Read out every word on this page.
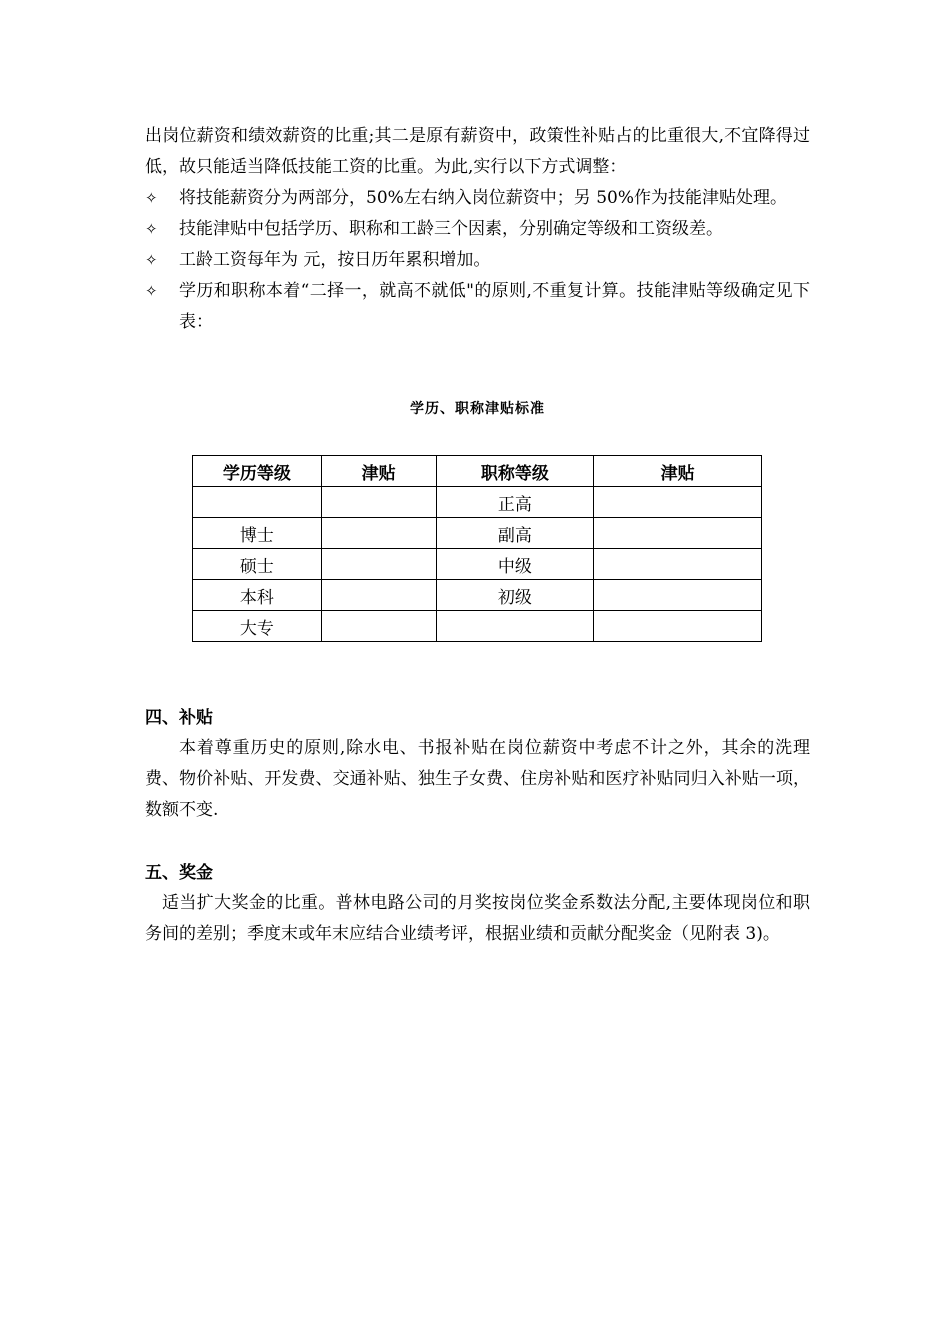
出岗位薪资和绩效薪资的比重;其二是原有薪资中，政策性补贴占的比重很大,不宜降得过低，故只能适当降低技能工资的比重。为此,实行以下方式调整：
✧	将技能薪资分为两部分，50%左右纳入岗位薪资中；另 50%作为技能津贴处理。
✧	技能津贴中包括学历、职称和工龄三个因素，分别确定等级和工资级差。
✧	工龄工资每年为 元，按日历年累积增加。
✧	学历和职称本着“二择一，就高不就低"的原则,不重复计算。技能津贴等级确定见下表：
学历、职称津贴标准
学历等级	津贴	职称等级	津贴
		正高	
博士		副高	
硕士		中级	
本科		初级	
大专			
四、补贴
本着尊重历史的原则,除水电、书报补贴在岗位薪资中考虑不计之外，其余的洗理费、物价补贴、开发费、交通补贴、独生子女费、住房补贴和医疗补贴同归入补贴一项，数额不变.
五、奖金
适当扩大奖金的比重。普林电路公司的月奖按岗位奖金系数法分配,主要体现岗位和职务间的差别；季度末或年末应结合业绩考评，根据业绩和贡献分配奖金（见附表 3)。
